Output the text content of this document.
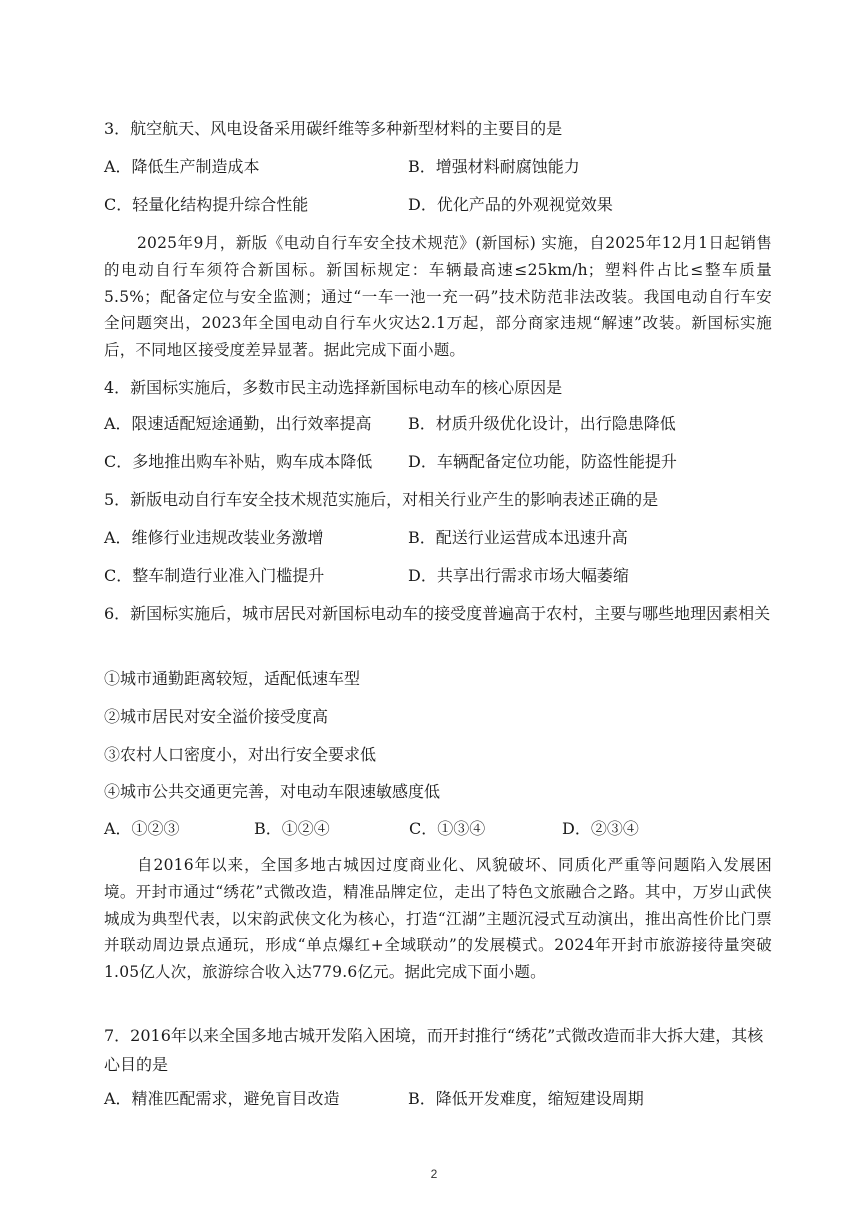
3．航空航天、风电设备采用碳纤维等多种新型材料的主要目的是
A．降低生产制造成本	B．增强材料耐腐蚀能力
C．轻量化结构提升综合性能	D．优化产品的外观视觉效果
2025年9月，新版《电动自行车安全技术规范》(新国标) 实施，自2025年12月1日起销售的电动自行车须符合新国标。新国标规定：车辆最高速≤25km/h；塑料件占比≤整车质量5.5%；配备定位与安全监测；通过“一车一池一充一码”技术防范非法改装。我国电动自行车安全问题突出，2023年全国电动自行车火灾达2.1万起，部分商家违规“解速”改装。新国标实施后，不同地区接受度差异显著。据此完成下面小题。
4．新国标实施后，多数市民主动选择新国标电动车的核心原因是
A．限速适配短途通勤，出行效率提高 B．材质升级优化设计，出行隐患降低
C．多地推出购车补贴，购车成本降低 D．车辆配备定位功能，防盗性能提升
5．新版电动自行车安全技术规范实施后，对相关行业产生的影响表述正确的是
A．维修行业违规改装业务激增	B．配送行业运营成本迅速升高
C．整车制造行业准入门槛提升	D．共享出行需求市场大幅萎缩
6．新国标实施后，城市居民对新国标电动车的接受度普遍高于农村，主要与哪些地理因素相关
①城市通勤距离较短，适配低速车型
②城市居民对安全溢价接受度高
③农村人口密度小，对出行安全要求低
④城市公共交通更完善，对电动车限速敏感度低
A．①②③	B．①②④	C．①③④	D．②③④
自2016年以来，全国多地古城因过度商业化、风貌破坏、同质化严重等问题陷入发展困境。开封市通过“绣花”式微改造，精准品牌定位，走出了特色文旅融合之路。其中，万岁山武侠城成为典型代表，以宋韵武侠文化为核心，打造“江湖”主题沉浸式互动演出，推出高性价比门票并联动周边景点通玩，形成“单点爆红+全域联动”的发展模式。2024年开封市旅游接待量突破1.05亿人次，旅游综合收入达779.6亿元。据此完成下面小题。
7．2016年以来全国多地古城开发陷入困境，而开封推行“绣花”式微改造而非大拆大建，其核心目的是
A．精准匹配需求，避免盲目改造	B．降低开发难度，缩短建设周期
2
